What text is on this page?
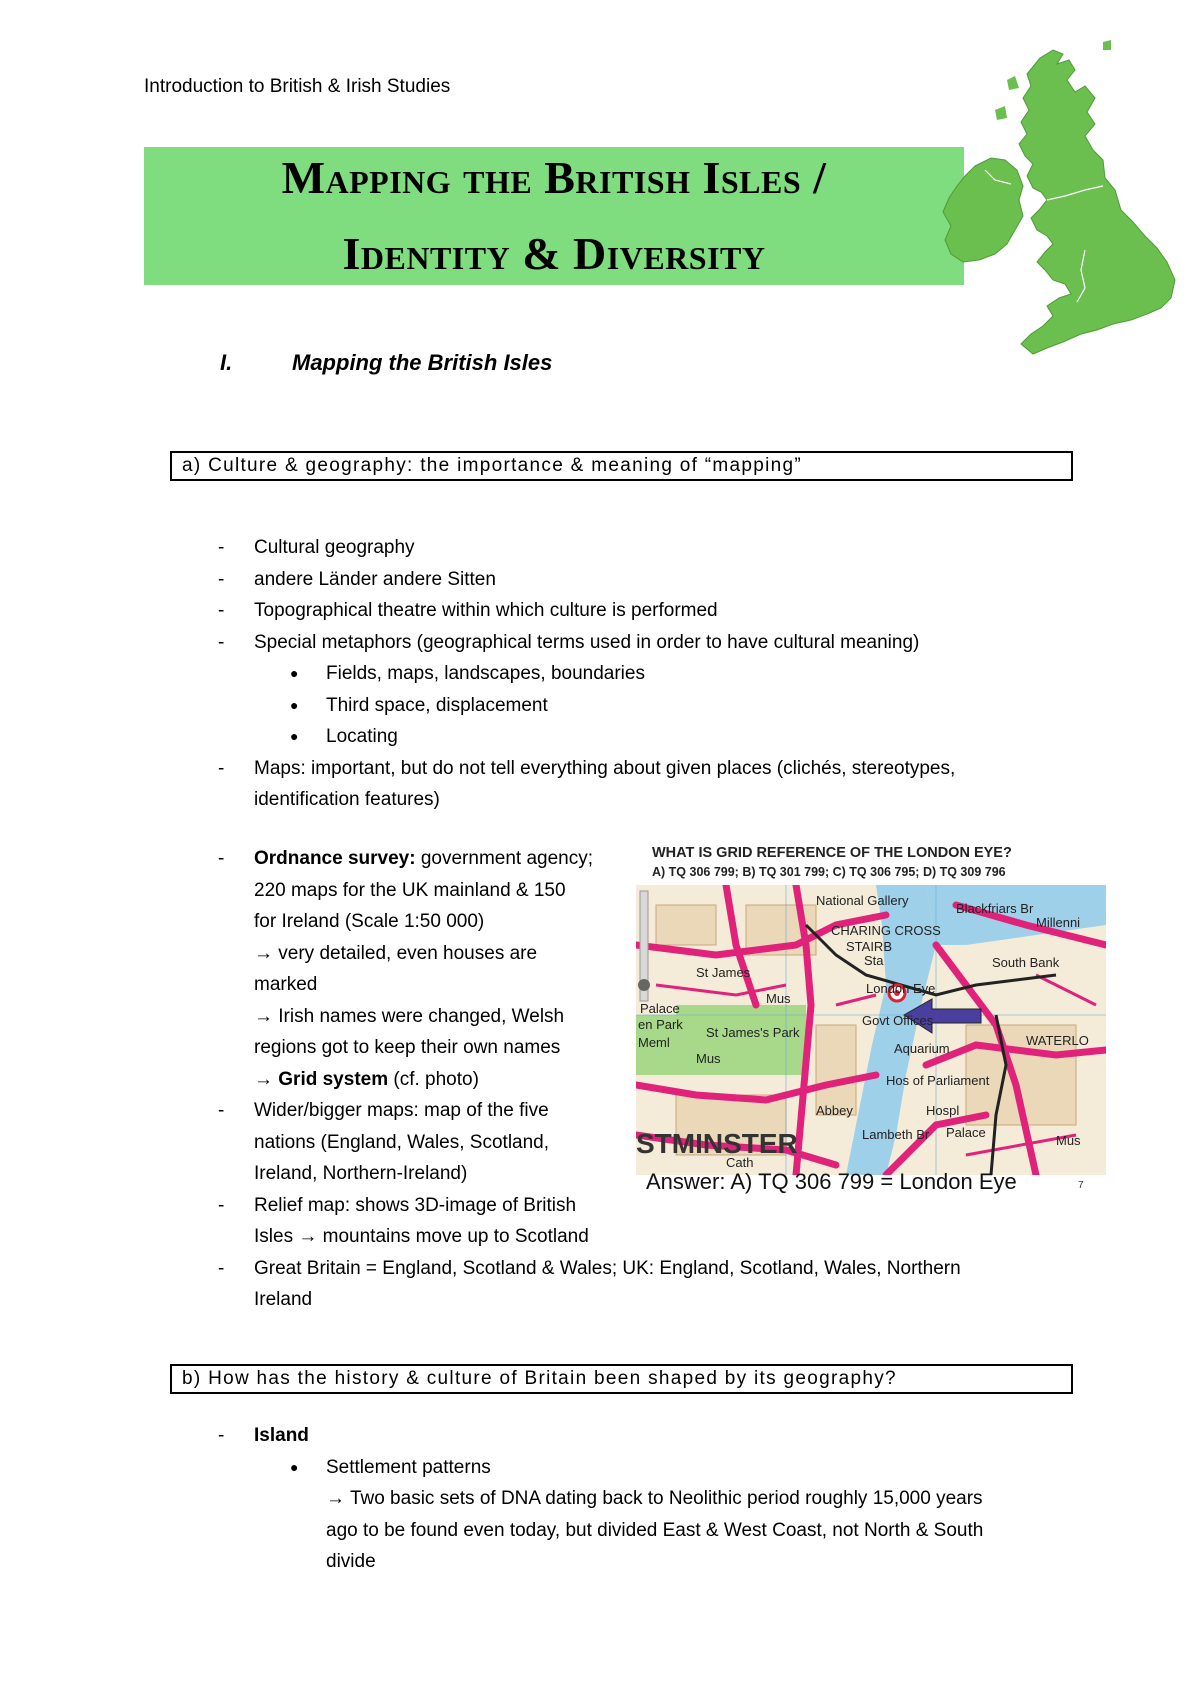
Introduction to British & Irish Studies
Mapping the British Isles /
Identity & Diversity
I.	Mapping the British Isles
a) Culture & geography: the importance & meaning of “mapping”
- Cultural geography
- andere Länder andere Sitten
- Topographical theatre within which culture is performed
- Special metaphors (geographical terms used in order to have cultural meaning)
● Fields, maps, landscapes, boundaries
● Third space, displacement
● Locating
- Maps: important, but do not tell everything about given places (clichés, stereotypes,
identification features)
- Ordnance survey: government agency;
220 maps for the UK mainland & 150
for Ireland (Scale 1:50 000)
→ very detailed, even houses are
marked
→ Irish names were changed, Welsh
regions got to keep their own names
→ Grid system (cf. photo)
- Wider/bigger maps: map of the five
nations (England, Wales, Scotland,
Ireland, Northern-Ireland)
- Relief map: shows 3D-image of British
Isles → mountains move up to Scotland
- Great Britain = England, Scotland & Wales; UK: England, Scotland, Wales, Northern
Ireland
WHAT IS GRID REFERENCE OF THE LONDON EYE?
A) TQ 306 799; B) TQ 301 799; C) TQ 306 795; D) TQ 309 796
National Gallery
Blackfriars Br
CHARING CROSS
Millenni
STAIRB
Sta
St James
South Bank
London Eye
Palace
en Park
Mus
St James's Park
Meml
Govt Offices
Aquarium
WATERLO
Mus
Hos of Parliament
Abbey	Hospl
Lambeth Br Palace
Mus
Cath
STMINSTER
Answer: A) TQ 306 799 = London Eye	7
b) How has the history & culture of Britain been shaped by its geography?
- Island
● Settlement patterns
→ Two basic sets of DNA dating back to Neolithic period roughly 15,000 years
ago to be found even today, but divided East & West Coast, not North & South
divide
